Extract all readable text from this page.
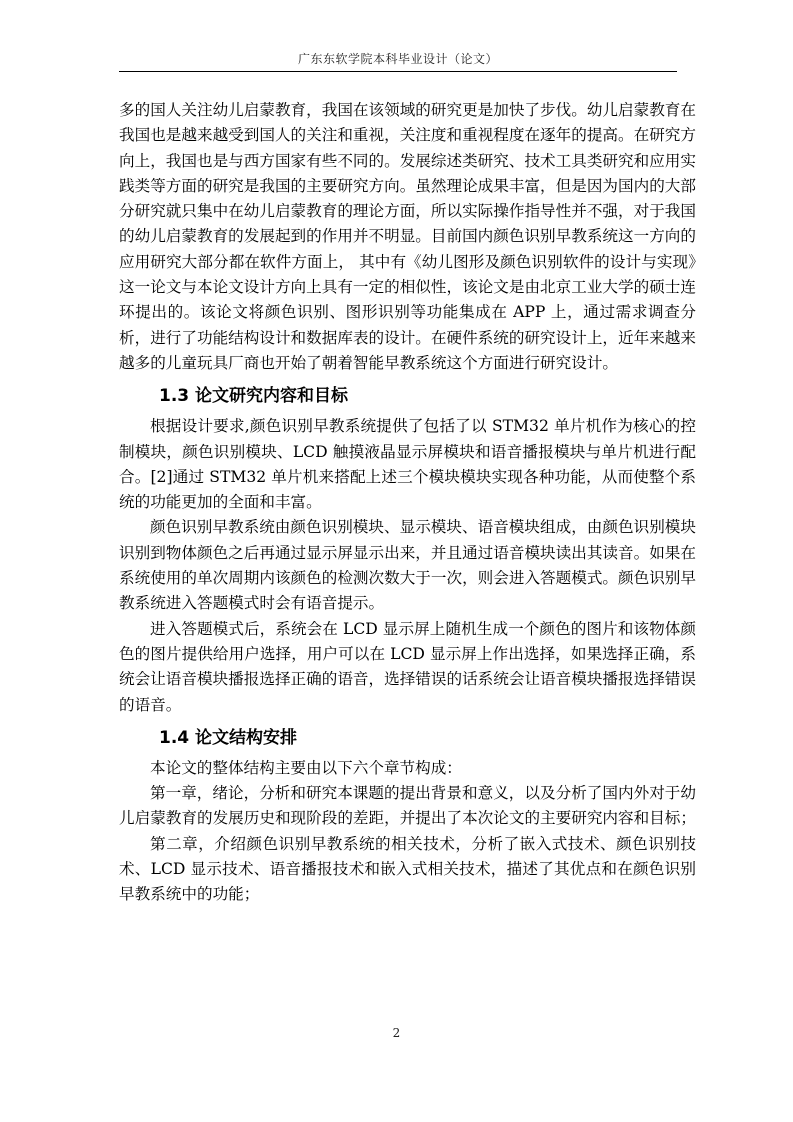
广东东软学院本科毕业设计（论文）

多的国人关注幼儿启蒙教育，我国在该领域的研究更是加快了步伐。幼儿启蒙教育在我国也是越来越受到国人的关注和重视，关注度和重视程度在逐年的提高。在研究方向上，我国也是与西方国家有些不同的。发展综述类研究、技术工具类研究和应用实践类等方面的研究是我国的主要研究方向。虽然理论成果丰富，但是因为国内的大部分研究就只集中在幼儿启蒙教育的理论方面，所以实际操作指导性并不强，对于我国的幼儿启蒙教育的发展起到的作用并不明显。目前国内颜色识别早教系统这一方向的应用研究大部分都在软件方面上， 其中有《幼儿图形及颜色识别软件的设计与实现》这一论文与本论文设计方向上具有一定的相似性，该论文是由北京工业大学的硕士连环提出的。该论文将颜色识别、图形识别等功能集成在 APP 上，通过需求调查分析，进行了功能结构设计和数据库表的设计。在硬件系统的研究设计上，近年来越来越多的儿童玩具厂商也开始了朝着智能早教系统这个方面进行研究设计。

1.3 论文研究内容和目标

根据设计要求,颜色识别早教系统提供了包括了以 STM32 单片机作为核心的控制模块，颜色识别模块、LCD 触摸液晶显示屏模块和语音播报模块与单片机进行配合。[2]通过 STM32 单片机来搭配上述三个模块模块实现各种功能，从而使整个系统的功能更加的全面和丰富。

颜色识别早教系统由颜色识别模块、显示模块、语音模块组成，由颜色识别模块识别到物体颜色之后再通过显示屏显示出来，并且通过语音模块读出其读音。如果在系统使用的单次周期内该颜色的检测次数大于一次，则会进入答题模式。颜色识别早教系统进入答题模式时会有语音提示。

进入答题模式后，系统会在 LCD 显示屏上随机生成一个颜色的图片和该物体颜色的图片提供给用户选择，用户可以在 LCD 显示屏上作出选择，如果选择正确，系统会让语音模块播报选择正确的语音，选择错误的话系统会让语音模块播报选择错误的语音。

1.4 论文结构安排

本论文的整体结构主要由以下六个章节构成：

第一章，绪论，分析和研究本课题的提出背景和意义，以及分析了国内外对于幼儿启蒙教育的发展历史和现阶段的差距，并提出了本次论文的主要研究内容和目标；

第二章，介绍颜色识别早教系统的相关技术，分析了嵌入式技术、颜色识别技术、LCD 显示技术、语音播报技术和嵌入式相关技术，描述了其优点和在颜色识别早教系统中的功能；

2
